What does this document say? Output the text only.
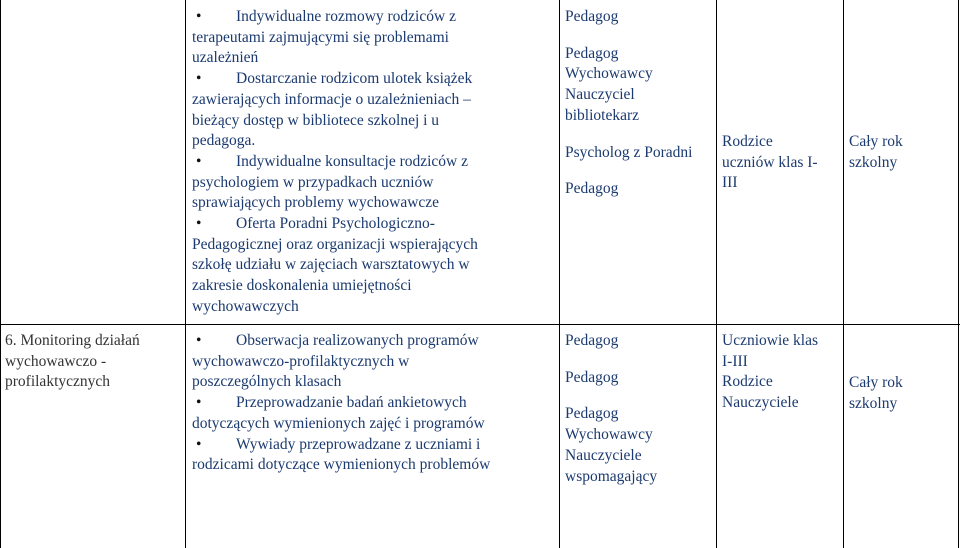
• Indywidualne rozmowy rodziców z

terapeutami zajmującymi się problemami

uzależnień

• Dostarczanie rodzicom ulotek książek

zawierających informacje o uzależnieniach –

bieżący dostęp w bibliotece szkolnej i u

pedagoga.

• Indywidualne konsultacje rodziców z

psychologiem w przypadkach uczniów

sprawiających problemy wychowawcze

• Oferta Poradni Psychologiczno-

Pedagogicznej oraz organizacji wspierających

szkołę udziału w zajęciach warsztatowych w

zakresie doskonalenia umiejętności

wychowawczych

Pedagog

Pedagog

Wychowawcy

Nauczyciel

bibliotekarz

Psycholog z Poradni

Pedagog

Rodzice

uczniów klas I-

III

Cały rok

szkolny

6. Monitoring działań

wychowawczo -

profilaktycznych

• Obserwacja realizowanych programów

wychowawczo-profilaktycznych w

poszczególnych klasach

• Przeprowadzanie badań ankietowych

dotyczących wymienionych zajęć i programów

• Wywiady przeprowadzane z uczniami i

rodzicami dotyczące wymienionych problemów

Pedagog

Pedagog

Pedagog

Wychowawcy

Nauczyciele

wspomagający

Uczniowie klas

I-III

Rodzice

Nauczyciele

Cały rok

szkolny
